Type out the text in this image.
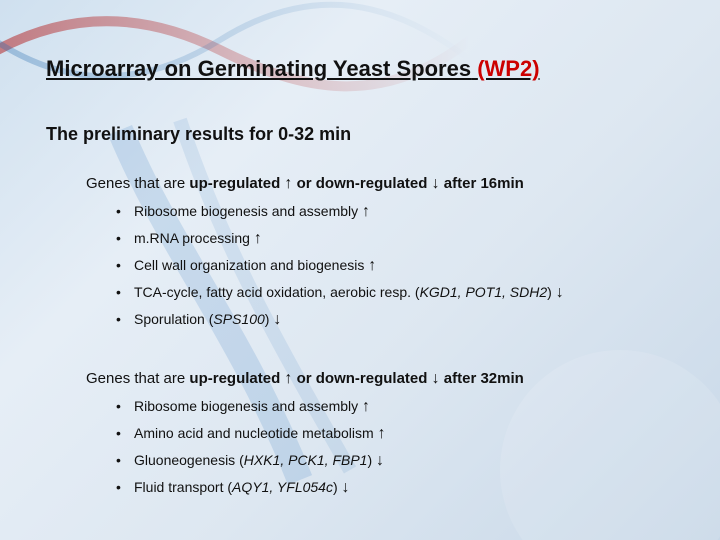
Microarray on Germinating Yeast Spores (WP2)
The preliminary results for 0-32 min
Genes that are up-regulated ↑ or down-regulated ↓ after 16min
• Ribosome biogenesis and assembly ↑
• m.RNA processing ↑
• Cell wall organization and biogenesis ↑
• TCA-cycle, fatty acid oxidation, aerobic resp. (KGD1, POT1, SDH2) ↓
• Sporulation (SPS100) ↓
Genes that are up-regulated ↑ or down-regulated ↓ after 32min
• Ribosome biogenesis and assembly ↑
• Amino acid and nucleotide metabolism ↑
• Gluoneogenesis (HXK1, PCK1, FBP1) ↓
• Fluid transport (AQY1, YFL054c) ↓
